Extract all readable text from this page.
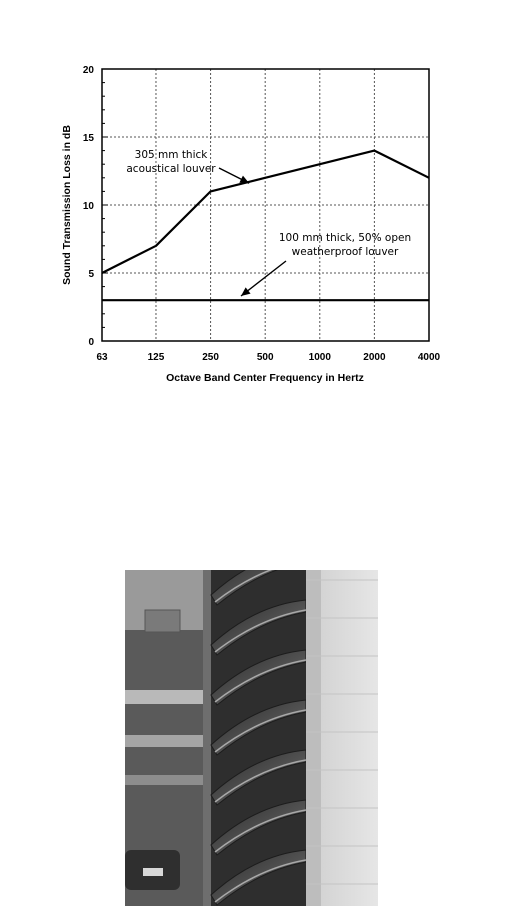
0
5
10
15
20
63	125	250	500	1000	2000	4000
305 mm thick
acoustical louver
100 mm thick, 50% open
weatherproof louver
Octave Band Center Frequency in Hertz
Sound Transmission Loss in dB
